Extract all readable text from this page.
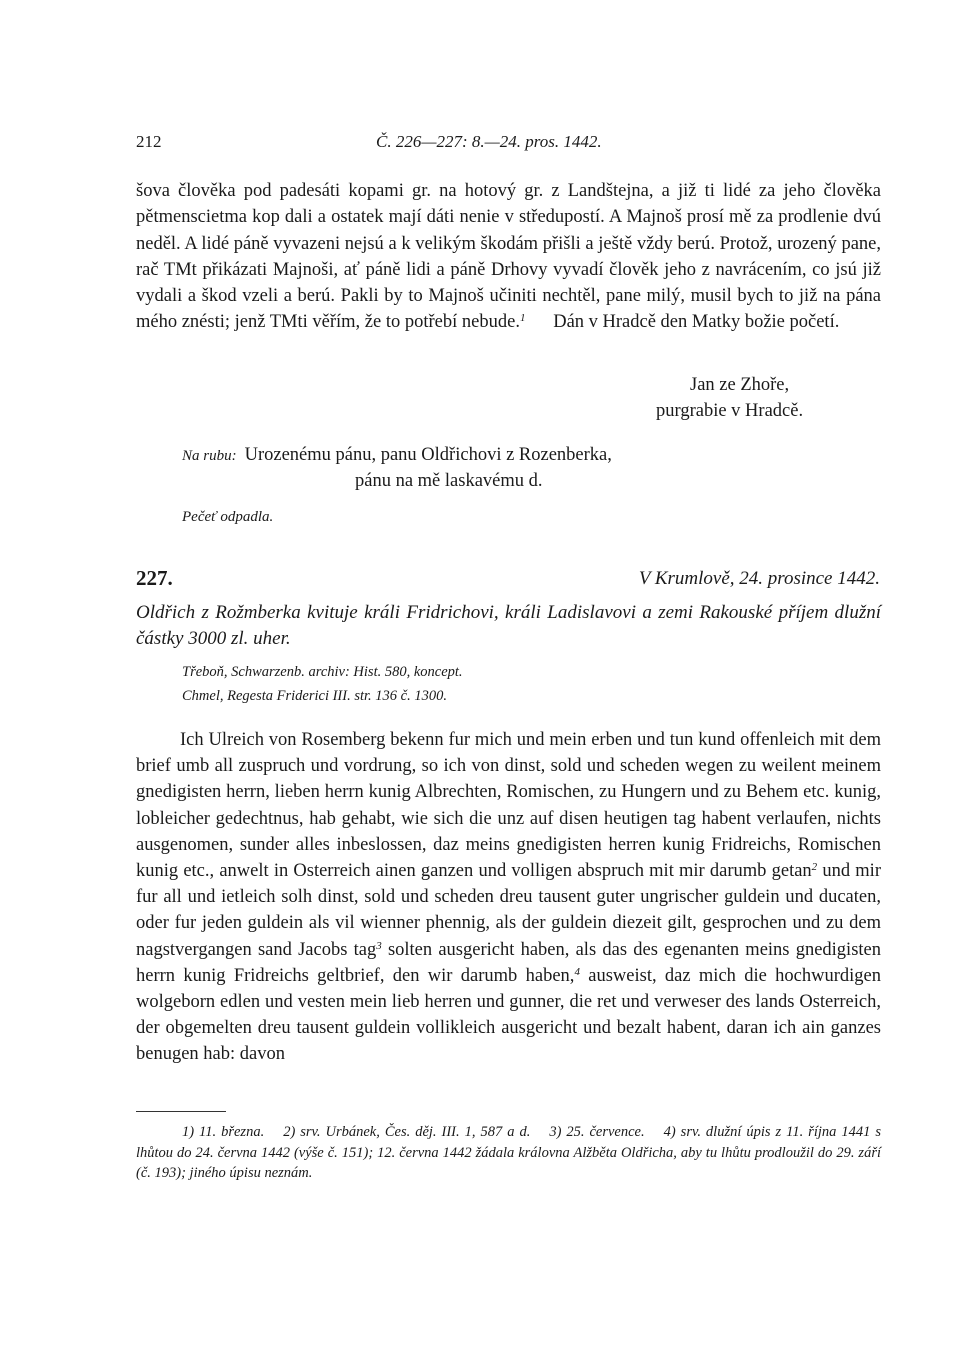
212	Č. 226—227: 8.—24. pros. 1442.

šova člověka pod padesáti kopami gr. na hotový gr. z Landštejna, a již ti lidé za jeho člověka pětmenscietma kop dali a ostatek mají dáti nenie v středupostí. A Majnoš prosí mě za prodlenie dvú neděl. A lidé páně vyvazeni nejsú a k velikým škodám přišli a ještě vždy berú. Protož, urozený pane, rač TMt přikázati Majnoši, ať páně lidi a páně Drhovy vyvadí člověk jeho z navrácením, co jsú již vydali a škod vzeli a berú. Pakli by to Majnoš učiniti nechtěl, pane milý, musil bych to již na pána mého znésti; jenž TMti věřím, že to potřebí nebude.$^1$ Dán v Hradcě den Matky božie početí.

Jan ze Zhoře,
purgrabie v Hradcě.
Na rubu: Urozenému pánu, panu Oldřichovi z Rozenberka,
pánu na mě laskavému d.
Pečeť odpadla.
227.	V Krumlově, 24. prosince 1442.

Oldřich z Rožmberka kvituje králi Fridrichovi, králi Ladislavovi a zemi Rakouské příjem dlužní částky 3000 zl. uher.

Třeboň, Schwarzenb. archiv: Hist. 580, koncept.
Chmel, Regesta Friderici III. str. 136 č. 1300.

Ich Ulreich von Rosemberg bekenn fur mich und mein erben und tun kund offenleich mit dem brief umb all zuspruch und vordrung, so ich von dinst, sold und scheden wegen zu weilent meinem gnedigisten herrn, lieben herrn kunig Albrechten, Romischen, zu Hungern und zu Behem etc. kunig, lobleicher gedechtnus, hab gehabt, wie sich die unz auf disen heutigen tag habent verlaufen, nichts ausgenomen, sunder alles inbeslossen, daz meins gnedigisten herren kunig Fridreichs, Romischen kunig etc., anwelt in Osterreich ainen ganzen und volligen abspruch mit mir darumb getan$^2$ und mir fur all und ietleich solh dinst, sold und scheden dreu tausent guter ungrischer guldein und ducaten, oder fur jeden guldein als vil wienner phennig, als der guldein diezeit gilt, gesprochen und zu dem nagstvergangen sand Jacobs tag$^3$ solten ausgericht haben, als das des egenanten meins gnedigisten herrn kunig Fridreichs geltbrief, den wir darumb haben,$^4$ ausweist, daz mich die hochwurdigen wolgeborn edlen und vesten mein lieb herren und gunner, die ret und verweser des lands Osterreich, der obgemelten dreu tausent guldein vollikleich ausgericht und bezalt habent, daran ich ain ganzes benugen hab: davon

1) 11. března. 2) srv. Urbánek, Čes. děj. III. 1, 587 a d. 3) 25. července. 4) srv. dlužní úpis z 11. října 1441 s lhůtou do 24. června 1442 (výše č. 151); 12. června 1442 žádala královna Alžběta Oldřicha, aby tu lhůtu prodloužil do 29. září (č. 193); jiného úpisu neznám.
